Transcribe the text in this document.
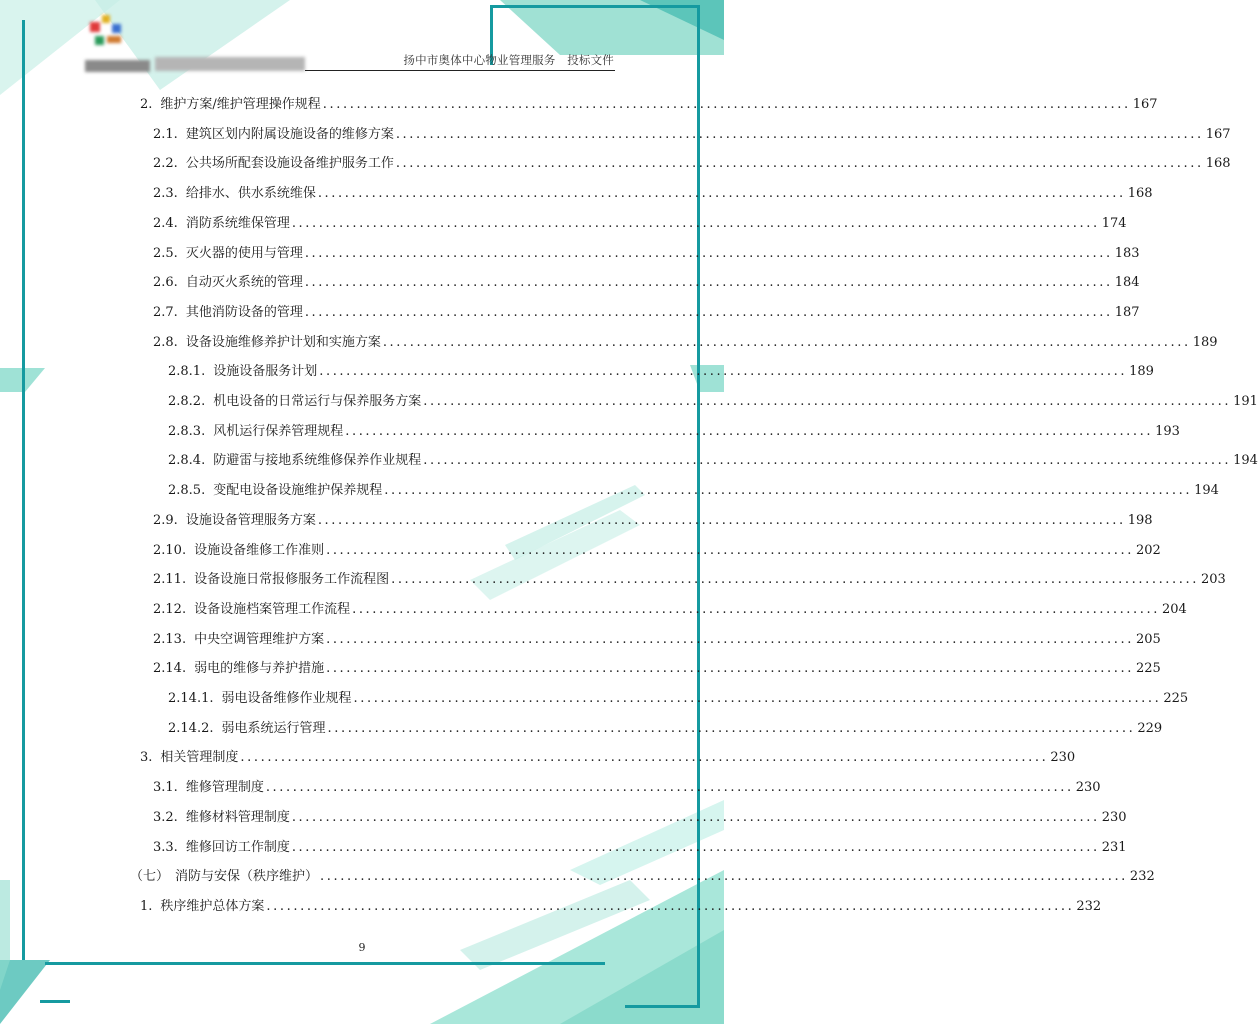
扬中市奥体中心物业管理服务　投标文件
2. 维护方案/维护管理操作规程 ........................................................................................................................ 167
2.1. 建筑区划内附属设施设备的维修方案 ........................................................................................................................ 167
2.2. 公共场所配套设施设备维护服务工作 ........................................................................................................................ 168
2.3. 给排水、供水系统维保 ........................................................................................................................ 168
2.4. 消防系统维保管理 ........................................................................................................................ 174
2.5. 灭火器的使用与管理 ........................................................................................................................ 183
2.6. 自动灭火系统的管理 ........................................................................................................................ 184
2.7. 其他消防设备的管理 ........................................................................................................................ 187
2.8. 设备设施维修养护计划和实施方案 ........................................................................................................................ 189
2.8.1. 设施设备服务计划 ........................................................................................................................ 189
2.8.2. 机电设备的日常运行与保养服务方案 ........................................................................................................................ 191
2.8.3. 风机运行保养管理规程 ........................................................................................................................ 193
2.8.4. 防避雷与接地系统维修保养作业规程 ........................................................................................................................ 194
2.8.5. 变配电设备设施维护保养规程 ........................................................................................................................ 194
2.9. 设施设备管理服务方案 ........................................................................................................................ 198
2.10. 设施设备维修工作准则 ........................................................................................................................ 202
2.11. 设备设施日常报修服务工作流程图 ........................................................................................................................ 203
2.12. 设备设施档案管理工作流程 ........................................................................................................................ 204
2.13. 中央空调管理维护方案 ........................................................................................................................ 205
2.14. 弱电的维修与养护措施 ........................................................................................................................ 225
2.14.1. 弱电设备维修作业规程 ........................................................................................................................ 225
2.14.2. 弱电系统运行管理 ........................................................................................................................ 229
3. 相关管理制度 ........................................................................................................................ 230
3.1. 维修管理制度 ........................................................................................................................ 230
3.2. 维修材料管理制度 ........................................................................................................................ 230
3.3. 维修回访工作制度 ........................................................................................................................ 231
（七） 消防与安保（秩序维护） ........................................................................................................................ 232
1. 秩序维护总体方案 ........................................................................................................................ 232
9
